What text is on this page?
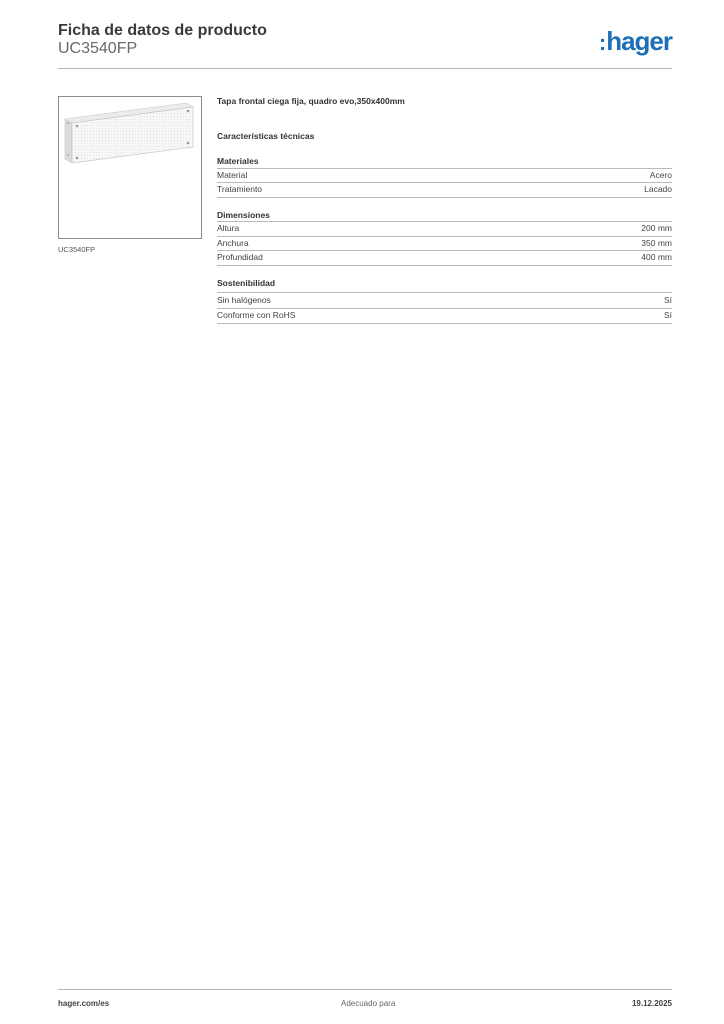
Ficha de datos de producto
UC3540FP	:hager
UC3540FP
Tapa frontal ciega fija, quadro evo,350x400mm
Características técnicas
Materiales
Material	Acero
Tratamiento	Lacado
Dimensiones
Altura	200 mm
Anchura	350 mm
Profundidad	400 mm
Sostenibilidad
Sin halógenos	Sí
Conforme con RoHS	Sí
hager.com/es	Adecuado para	19.12.2025
